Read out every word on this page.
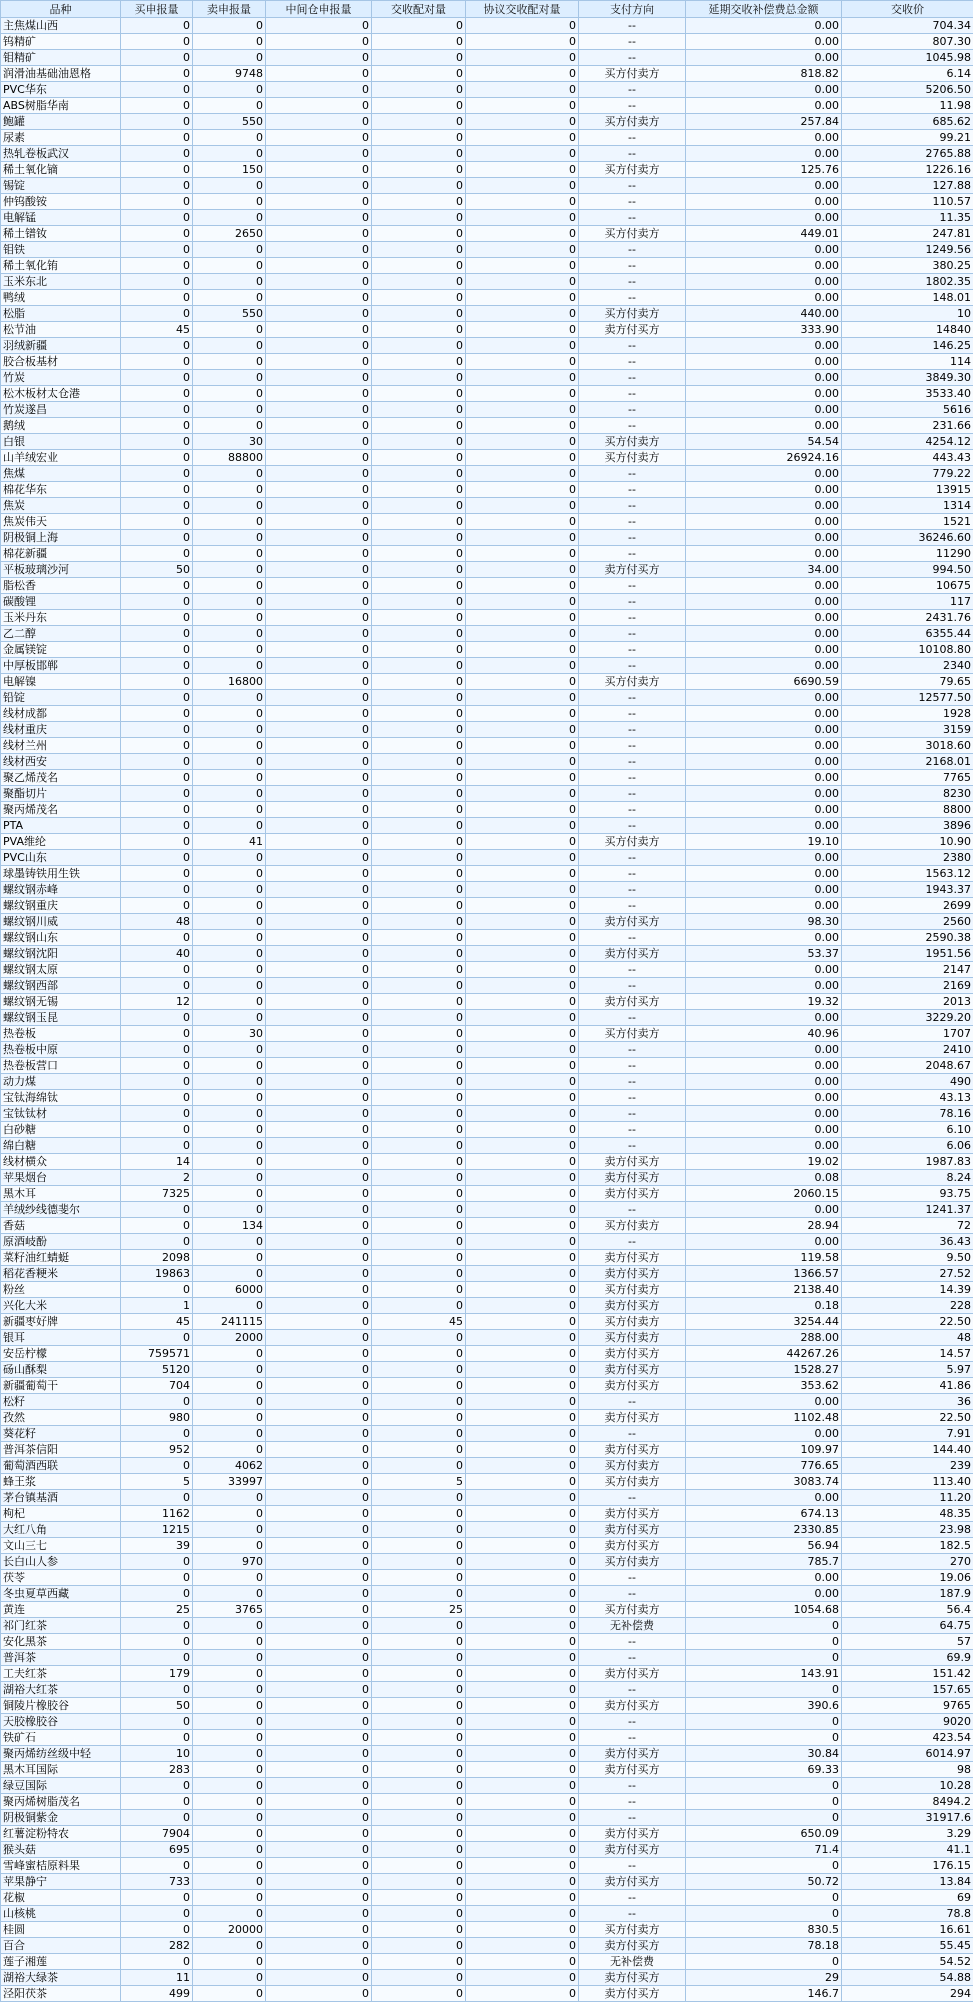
品种	买申报量	卖申报量	中间仓申报量	交收配对量	协议交收配对量	支付方向	延期交收补偿费总金额	交收价
主焦煤山西	0	0	0	0	0	--	0.00	704.34
钨精矿	0	0	0	0	0	--	0.00	807.30
钼精矿	0	0	0	0	0	--	0.00	1045.98
润滑油基础油恩格	0	9748	0	0	0	买方付卖方	818.82	6.14
PVC华东	0	0	0	0	0	--	0.00	5206.50
ABS树脂华南	0	0	0	0	0	--	0.00	11.98
鲍罐	0	550	0	0	0	买方付卖方	257.84	685.62
尿素	0	0	0	0	0	--	0.00	99.21
热轧卷板武汉	0	0	0	0	0	--	0.00	2765.88
稀土氧化镝	0	150	0	0	0	买方付卖方	125.76	1226.16
锡锭	0	0	0	0	0	--	0.00	127.88
仲钨酸铵	0	0	0	0	0	--	0.00	110.57
电解锰	0	0	0	0	0	--	0.00	11.35
稀土镨钕	0	2650	0	0	0	买方付卖方	449.01	247.81
钼铁	0	0	0	0	0	--	0.00	1249.56
稀土氧化铕	0	0	0	0	0	--	0.00	380.25
玉米东北	0	0	0	0	0	--	0.00	1802.35
鸭绒	0	0	0	0	0	--	0.00	148.01
松脂	0	550	0	0	0	买方付卖方	440.00	10
松节油	45	0	0	0	0	卖方付买方	333.90	14840
羽绒新疆	0	0	0	0	0	--	0.00	146.25
胶合板基材	0	0	0	0	0	--	0.00	114
竹炭	0	0	0	0	0	--	0.00	3849.30
松木板材太仓港	0	0	0	0	0	--	0.00	3533.40
竹炭遂昌	0	0	0	0	0	--	0.00	5616
鹅绒	0	0	0	0	0	--	0.00	231.66
白银	0	30	0	0	0	买方付卖方	54.54	4254.12
山羊绒宏业	0	88800	0	0	0	买方付卖方	26924.16	443.43
焦煤	0	0	0	0	0	--	0.00	779.22
棉花华东	0	0	0	0	0	--	0.00	13915
焦炭	0	0	0	0	0	--	0.00	1314
焦炭伟天	0	0	0	0	0	--	0.00	1521
阴极铜上海	0	0	0	0	0	--	0.00	36246.60
棉花新疆	0	0	0	0	0	--	0.00	11290
平板玻璃沙河	50	0	0	0	0	卖方付买方	34.00	994.50
脂松香	0	0	0	0	0	--	0.00	10675
碳酸锂	0	0	0	0	0	--	0.00	117
玉米丹东	0	0	0	0	0	--	0.00	2431.76
乙二醇	0	0	0	0	0	--	0.00	6355.44
金属镁锭	0	0	0	0	0	--	0.00	10108.80
中厚板邯郸	0	0	0	0	0	--	0.00	2340
电解镍	0	16800	0	0	0	买方付卖方	6690.59	79.65
铅锭	0	0	0	0	0	--	0.00	12577.50
线材成都	0	0	0	0	0	--	0.00	1928
线材重庆	0	0	0	0	0	--	0.00	3159
线材兰州	0	0	0	0	0	--	0.00	3018.60
线材西安	0	0	0	0	0	--	0.00	2168.01
聚乙烯茂名	0	0	0	0	0	--	0.00	7765
聚酯切片	0	0	0	0	0	--	0.00	8230
聚丙烯茂名	0	0	0	0	0	--	0.00	8800
PTA	0	0	0	0	0	--	0.00	3896
PVA维纶	0	41	0	0	0	买方付卖方	19.10	10.90
PVC山东	0	0	0	0	0	--	0.00	2380
球墨铸铁用生铁	0	0	0	0	0	--	0.00	1563.12
螺纹钢赤峰	0	0	0	0	0	--	0.00	1943.37
螺纹钢重庆	0	0	0	0	0	--	0.00	2699
螺纹钢川威	48	0	0	0	0	卖方付买方	98.30	2560
螺纹钢山东	0	0	0	0	0	--	0.00	2590.38
螺纹钢沈阳	40	0	0	0	0	卖方付买方	53.37	1951.56
螺纹钢太原	0	0	0	0	0	--	0.00	2147
螺纹钢西部	0	0	0	0	0	--	0.00	2169
螺纹钢无锡	12	0	0	0	0	卖方付买方	19.32	2013
螺纹钢玉昆	0	0	0	0	0	--	0.00	3229.20
热卷板	0	30	0	0	0	买方付卖方	40.96	1707
热卷板中原	0	0	0	0	0	--	0.00	2410
热卷板营口	0	0	0	0	0	--	0.00	2048.67
动力煤	0	0	0	0	0	--	0.00	490
宝钛海绵钛	0	0	0	0	0	--	0.00	43.13
宝钛钛材	0	0	0	0	0	--	0.00	78.16
白砂糖	0	0	0	0	0	--	0.00	6.10
绵白糖	0	0	0	0	0	--	0.00	6.06
线材横众	14	0	0	0	0	卖方付买方	19.02	1987.83
苹果烟台	2	0	0	0	0	卖方付买方	0.08	8.24
黑木耳	7325	0	0	0	0	卖方付买方	2060.15	93.75
羊绒纱线德斐尔	0	0	0	0	0	--	0.00	1241.37
香菇	0	134	0	0	0	买方付卖方	28.94	72
原酒岐酚	0	0	0	0	0	--	0.00	36.43
菜籽油红蜻蜓	2098	0	0	0	0	卖方付买方	119.58	9.50
稻花香粳米	19863	0	0	0	0	卖方付买方	1366.57	27.52
粉丝	0	6000	0	0	0	买方付卖方	2138.40	14.39
兴化大米	1	0	0	0	0	卖方付买方	0.18	228
新疆枣好牌	45	241115	0	45	0	买方付卖方	3254.44	22.50
银耳	0	2000	0	0	0	买方付卖方	288.00	48
安岳柠檬	759571	0	0	0	0	卖方付买方	44267.26	14.57
砀山酥梨	5120	0	0	0	0	卖方付买方	1528.27	5.97
新疆葡萄干	704	0	0	0	0	卖方付买方	353.62	41.86
松籽	0	0	0	0	0	--	0.00	36
孜然	980	0	0	0	0	卖方付买方	1102.48	22.50
葵花籽	0	0	0	0	0	--	0.00	7.91
普洱茶信阳	952	0	0	0	0	卖方付买方	109.97	144.40
葡萄酒西联	0	4062	0	0	0	买方付卖方	776.65	239
蜂王浆	5	33997	0	5	0	买方付卖方	3083.74	113.40
茅台镇基酒	0	0	0	0	0	--	0.00	11.20
枸杞	1162	0	0	0	0	卖方付买方	674.13	48.35
大红八角	1215	0	0	0	0	卖方付买方	2330.85	23.98
文山三七	39	0	0	0	0	卖方付买方	56.94	182.5
长白山人参	0	970	0	0	0	买方付卖方	785.7	270
茯苓	0	0	0	0	0	--	0.00	19.06
冬虫夏草西藏	0	0	0	0	0	--	0.00	187.9
黄连	25	3765	0	25	0	买方付卖方	1054.68	56.4
祁门红茶	0	0	0	0	0	无补偿费	0	64.75
安化黑茶	0	0	0	0	0	--	0	57
普洱茶	0	0	0	0	0	--	0	69.9
工夫红茶	179	0	0	0	0	卖方付买方	143.91	151.42
湖裕大红茶	0	0	0	0	0	--	0	157.65
铜陵片橡胶谷	50	0	0	0	0	卖方付买方	390.6	9765
天胶橡胶谷	0	0	0	0	0	--	0	9020
铁矿石	0	0	0	0	0	--	0	423.54
聚丙烯纺丝级中轻	10	0	0	0	0	卖方付买方	30.84	6014.97
黑木耳国际	283	0	0	0	0	卖方付买方	69.33	98
绿豆国际	0	0	0	0	0	--	0	10.28
聚丙烯树脂茂名	0	0	0	0	0	--	0	8494.2
阴极铜紫金	0	0	0	0	0	--	0	31917.6
红薯淀粉特农	7904	0	0	0	0	卖方付买方	650.09	3.29
猴头菇	695	0	0	0	0	卖方付买方	71.4	41.1
雪峰蜜桔原料果	0	0	0	0	0	--	0	176.15
苹果静宁	733	0	0	0	0	卖方付买方	50.72	13.84
花椒	0	0	0	0	0	--	0	69
山核桃	0	0	0	0	0	--	0	78.8
桂圆	0	20000	0	0	0	买方付卖方	830.5	16.61
百合	282	0	0	0	0	卖方付买方	78.18	55.45
莲子湘莲	0	0	0	0	0	无补偿费	0	54.52
湖裕大绿茶	11	0	0	0	0	卖方付买方	29	54.88
泾阳茯茶	499	0	0	0	0	卖方付买方	146.7	294
